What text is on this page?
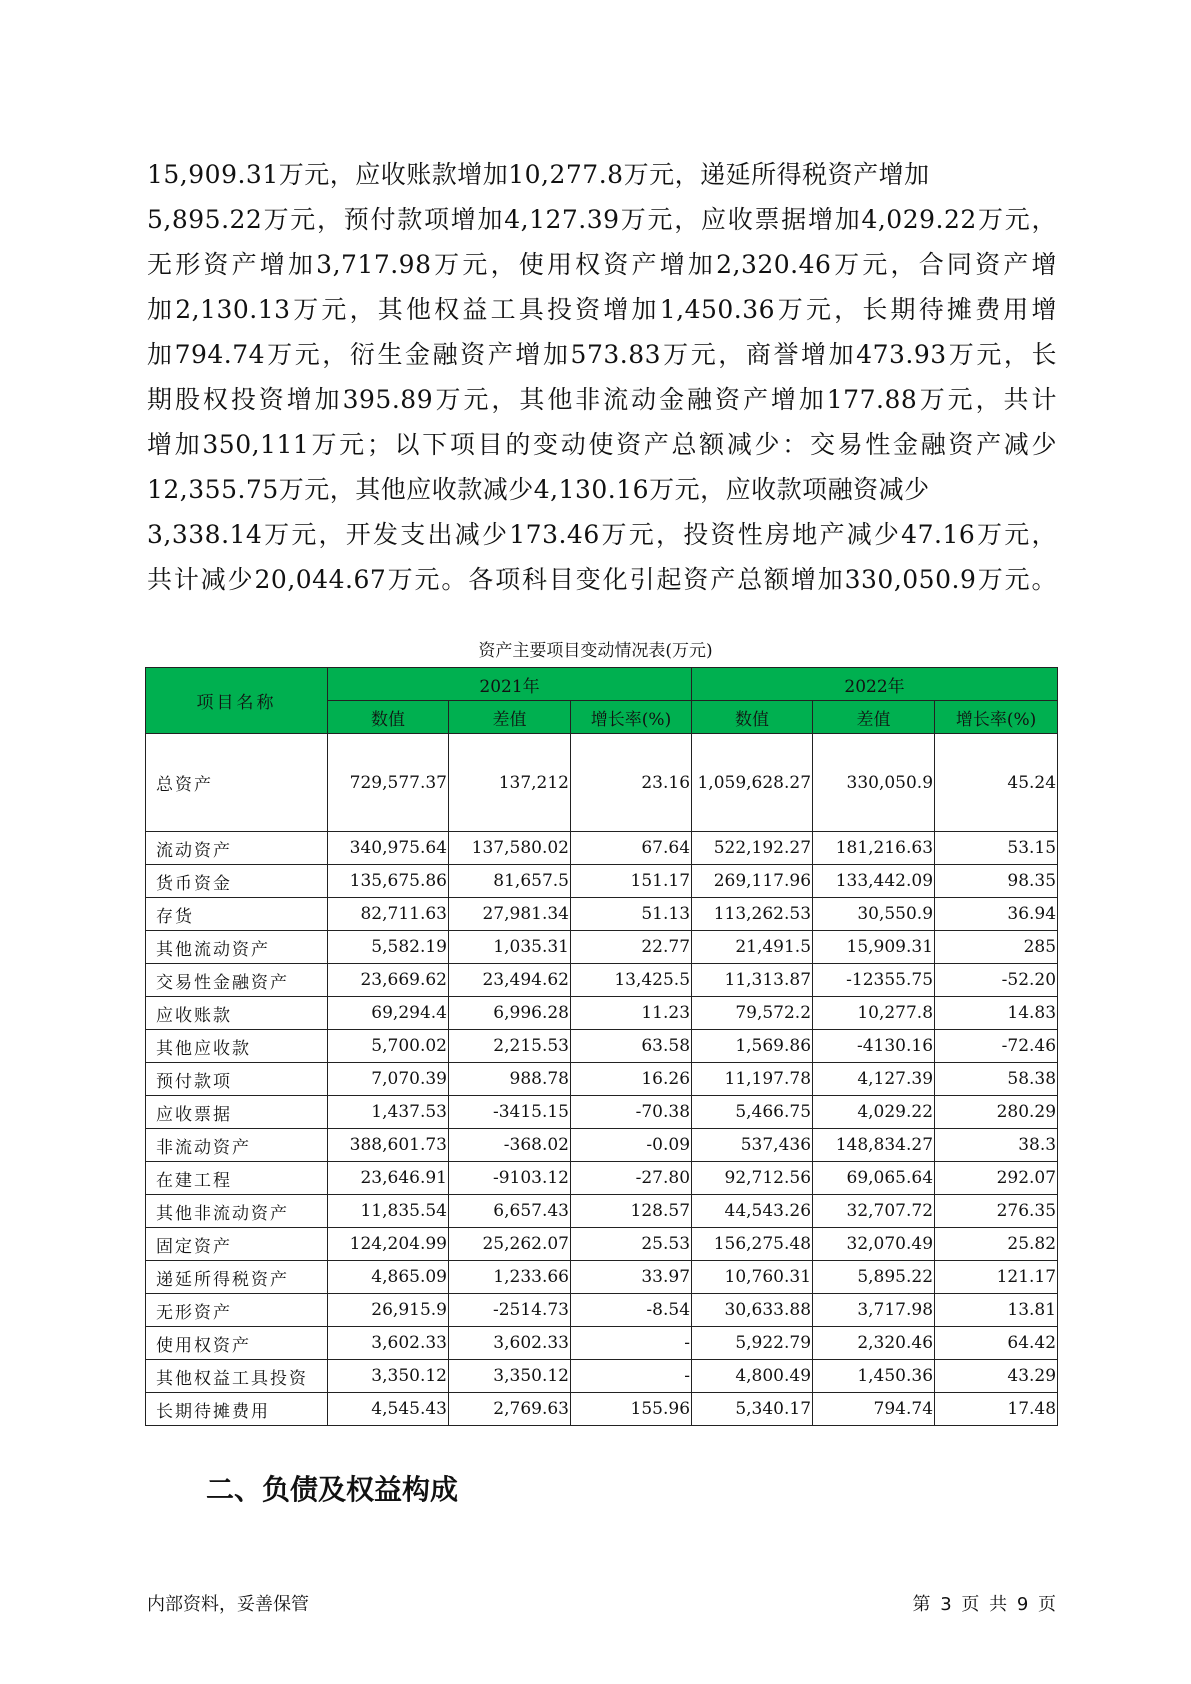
15,909.31万元，应收账款增加10,277.8万元，递延所得税资产增加
5,895.22万元，预付款项增加4,127.39万元，应收票据增加4,029.22万元，
无形资产增加3,717.98万元，使用权资产增加2,320.46万元，合同资产增
加2,130.13万元，其他权益工具投资增加1,450.36万元，长期待摊费用增
加794.74万元，衍生金融资产增加573.83万元，商誉增加473.93万元，长
期股权投资增加395.89万元，其他非流动金融资产增加177.88万元，共计
增加350,111万元；以下项目的变动使资产总额减少：交易性金融资产减少
12,355.75万元，其他应收款减少4,130.16万元，应收款项融资减少
3,338.14万元，开发支出减少173.46万元，投资性房地产减少47.16万元，
共计减少20,044.67万元。各项科目变化引起资产总额增加330,050.9万元。
资产主要项目变动情况表(万元)
项目名称	2021年			2022年		
	数值	差值	增长率(%)	数值	差值	增长率(%)
总资产	729,577.37	137,212	23.16	1,059,628.27	330,050.9	45.24
流动资产	340,975.64	137,580.02	67.64	522,192.27	181,216.63	53.15
货币资金	135,675.86	81,657.5	151.17	269,117.96	133,442.09	98.35
存货	82,711.63	27,981.34	51.13	113,262.53	30,550.9	36.94
其他流动资产	5,582.19	1,035.31	22.77	21,491.5	15,909.31	285
交易性金融资产	23,669.62	23,494.62	13,425.5	11,313.87	-12355.75	-52.20
应收账款	69,294.4	6,996.28	11.23	79,572.2	10,277.8	14.83
其他应收款	5,700.02	2,215.53	63.58	1,569.86	-4130.16	-72.46
预付款项	7,070.39	988.78	16.26	11,197.78	4,127.39	58.38
应收票据	1,437.53	-3415.15	-70.38	5,466.75	4,029.22	280.29
非流动资产	388,601.73	-368.02	-0.09	537,436	148,834.27	38.3
在建工程	23,646.91	-9103.12	-27.80	92,712.56	69,065.64	292.07
其他非流动资产	11,835.54	6,657.43	128.57	44,543.26	32,707.72	276.35
固定资产	124,204.99	25,262.07	25.53	156,275.48	32,070.49	25.82
递延所得税资产	4,865.09	1,233.66	33.97	10,760.31	5,895.22	121.17
无形资产	26,915.9	-2514.73	-8.54	30,633.88	3,717.98	13.81
使用权资产	3,602.33	3,602.33	-	5,922.79	2,320.46	64.42
其他权益工具投资	3,350.12	3,350.12	-	4,800.49	1,450.36	43.29
长期待摊费用	4,545.43	2,769.63	155.96	5,340.17	794.74	17.48
二、负债及权益构成
内部资料，妥善保管	第 3 页 共 9 页
